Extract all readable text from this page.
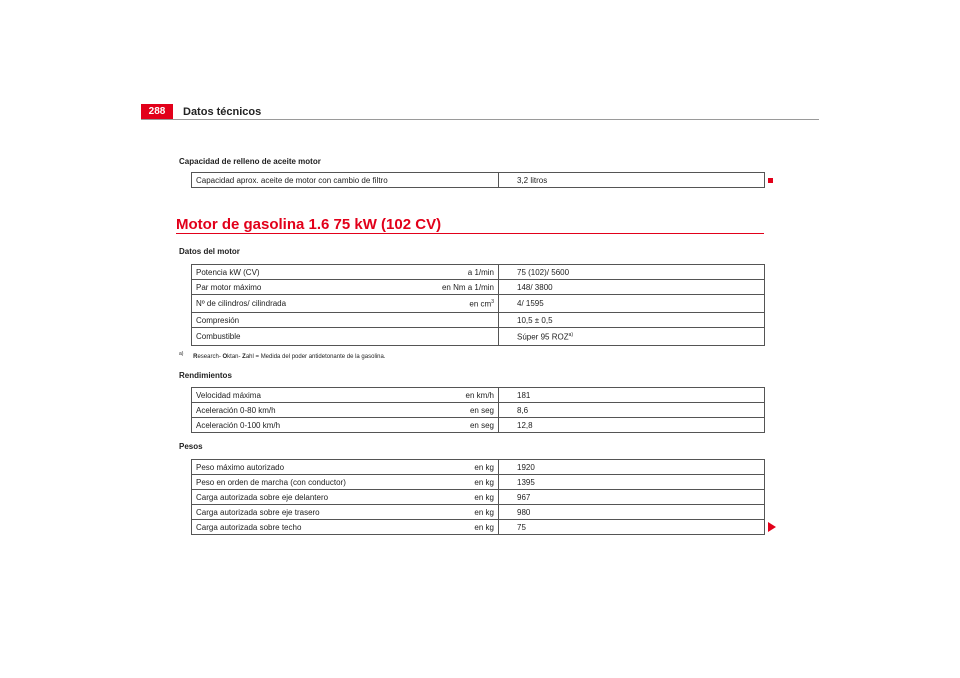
288	Datos técnicos
Capacidad de relleno de aceite motor
Capacidad aprox. aceite de motor con cambio de filtro		3,2 litros
Motor de gasolina 1.6 75 kW (102 CV)
Datos del motor
Potencia kW (CV)	a 1/min	75 (102)/ 5600
Par motor máximo	en Nm a 1/min	148/ 3800
Nº de cilindros/ cilindrada	en $cm^3$	4/ 1595
Compresión		10,5 ± 0,5
Combustible		Súper 95 ROZ$^{a)}$
$^{a)}$ Research- Oktan- Zahl = Medida del poder antidetonante de la gasolina.
Rendimientos
Velocidad máxima	en km/h	181
Aceleración 0-80 km/h	en seg	8,6
Aceleración 0-100 km/h	en seg	12,8
Pesos
Peso máximo autorizado	en kg	1920
Peso en orden de marcha (con conductor)	en kg	1395
Carga autorizada sobre eje delantero	en kg	967
Carga autorizada sobre eje trasero	en kg	980
Carga autorizada sobre techo	en kg	75
